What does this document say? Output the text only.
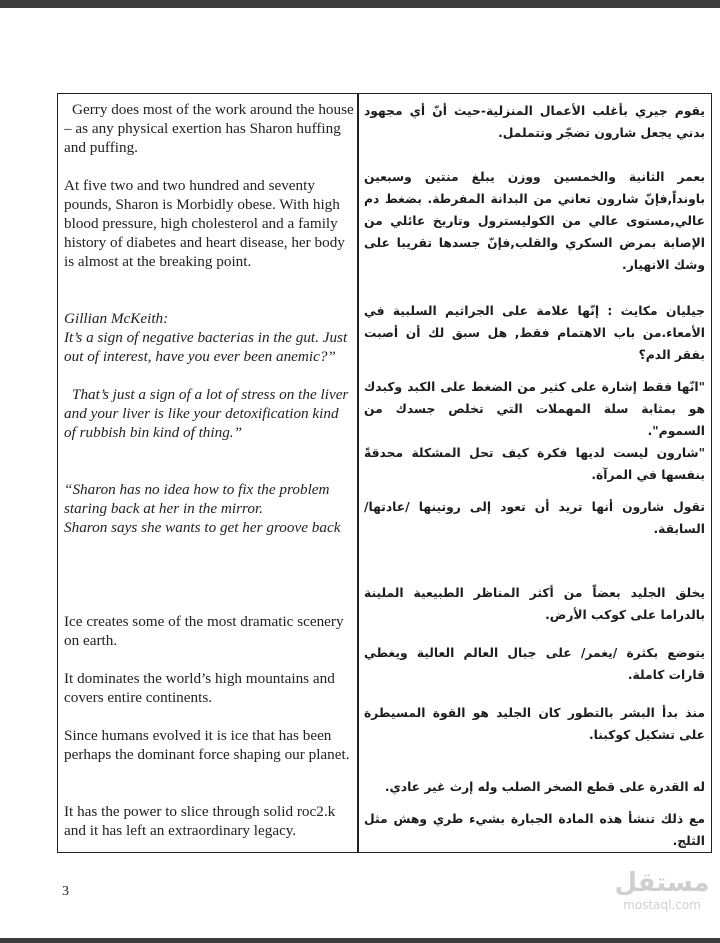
Gerry does most of the work around the house – as any physical exertion has Sharon huffing and puffing.

At five two and two hundred and seventy pounds, Sharon is Morbidly obese. With high blood pressure, high cholesterol and a family history of diabetes and heart disease, her body is almost at the breaking point.

Gillian McKeith:

It’s a sign of negative bacterias in the gut. Just out of interest, have you ever been anemic?”

That’s just a sign of a lot of stress on the liver and your liver is like your detoxification kind of rubbish bin kind of thing.”

“Sharon has no idea how to fix the problem staring back at her in the mirror.

Sharon says she wants to get her groove back

Ice creates some of the most dramatic scenery on earth.

It dominates the world’s high mountains and covers entire continents.

Since humans evolved it is ice that has been perhaps the dominant force shaping our planet.

It has the power to slice through solid roc2.k and it has left an extraordinary legacy.

يقوم جيري بأغلب الأعمال المنزلية-حيث أنّ أي مجهود بدني يجعل شارون تضجّر وتتململ.

بعمر الثانية والخمسين ووزن يبلغ منتين وسبعين باونداً,فإنّ شارون تعاني من البدانة المفرطة. بضغط دم عالي,مستوى عالي من الكوليسترول وتاريخ عائلي من الإصابة بمرض السكري والقلب,فإنّ جسدها تقريبا على وشك الانهيار.

جيليان مكايث : إنّها علامة على الجراثيم السلبية في الأمعاء.من باب الاهتمام فقط, هل سبق لك أن أصبت بفقر الدم؟

"انّها فقط إشارة على كثير من الضغط على الكبد وكبدك هو بمثابة سلة المهملات التي تخلص جسدك من السموم".

"شارون ليست لديها فكرة كيف تحل المشكلة محدقةً بنفسها في المرآة.

تقول شارون أنها تريد أن تعود إلى روتينها /عادتها/ السابقة.

يخلق الجليد بعضاً من أكثر المناظر الطبيعية الملينة بالدراما على كوكب الأرض.

يتوضع بكثرة /يغمر/ على جبال العالم العالية ويغطي قارات كاملة.

منذ بدأ البشر بالتطور كان الجليد هو القوة المسيطرة على تشكيل كوكبنا.

له القدرة على قطع الصخر الصلب وله إرث غير عادي.

مع ذلك تنشأ هذه المادة الجبارة بشيء طري وهش مثل الثلج.

3	مستقل
mostaql.com
